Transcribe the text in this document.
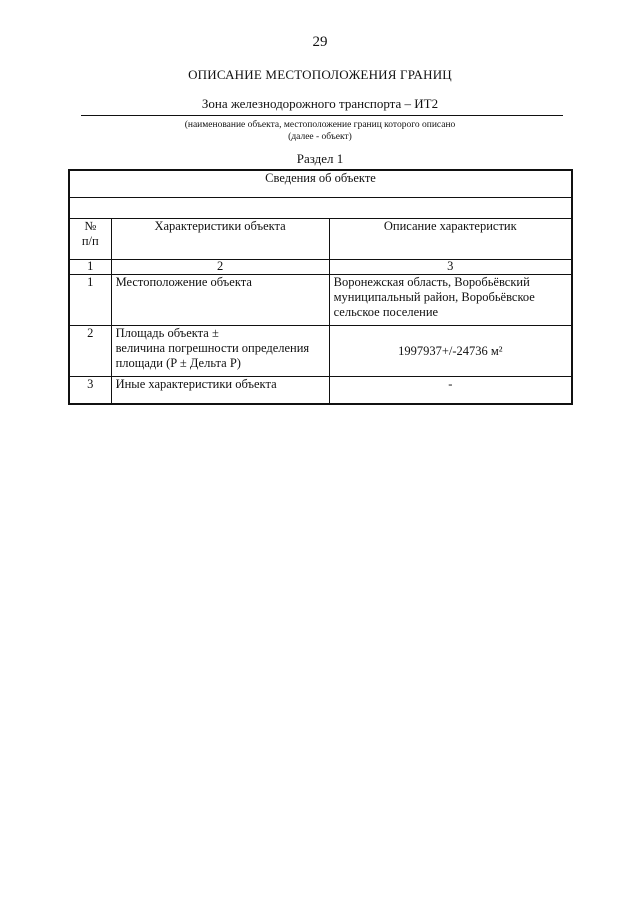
29
ОПИСАНИЕ МЕСТОПОЛОЖЕНИЯ ГРАНИЦ
Зона железнодорожного транспорта – ИТ2
(наименование объекта, местоположение границ которого описано
(далее - объект)
Раздел 1
Сведения об объекте		

№
п/п	Характеристики объекта	Описание характеристик
1	2	3
1	Местоположение объекта	Воронежская область, Воробьёвский муниципальный район, Воробьёвское сельское поселение
2	Площадь объекта ±
величина погрешности определения
площади (P ± Дельта P)	1997937+/-24736 м²
3	Иные характеристики объекта	-
